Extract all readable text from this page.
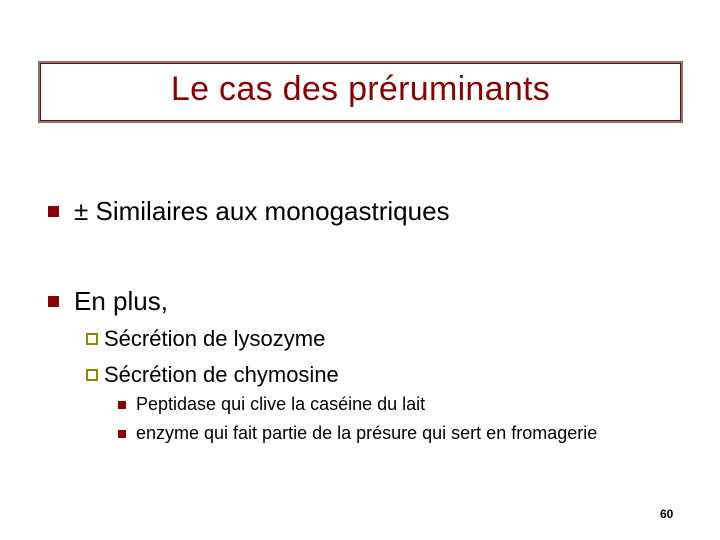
Le cas des préruminants
± Similaires aux monogastriques
En plus,
Sécrétion de lysozyme
Sécrétion de chymosine
Peptidase qui clive la caséine du lait
enzyme qui fait partie de la présure qui sert en fromagerie
60
